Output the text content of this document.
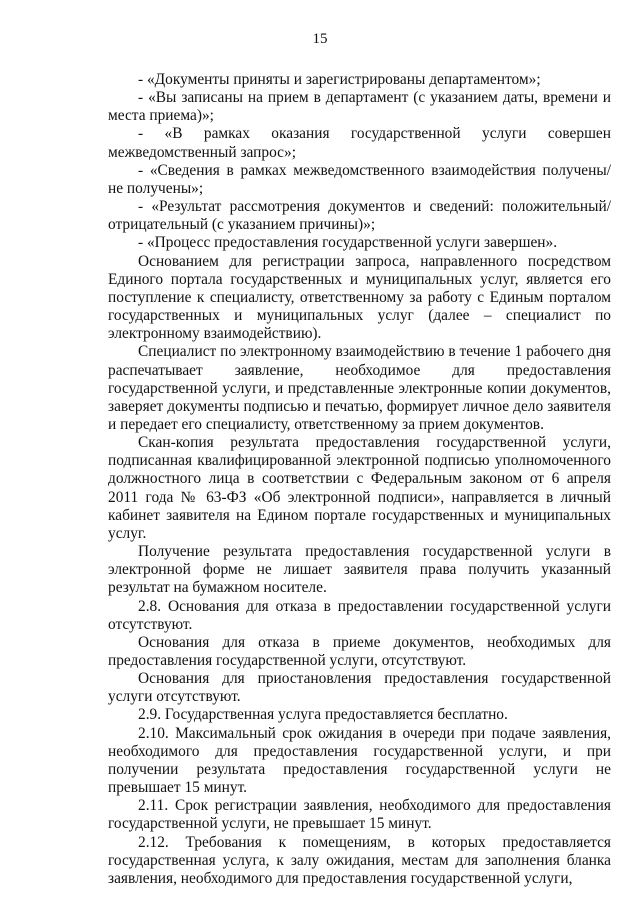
15

- «Документы приняты и зарегистрированы департаментом»;

- «Вы записаны на прием в департамент (с указанием даты, времени и места приема)»;

- «В рамках оказания государственной услуги совершен межведомственный запрос»;

- «Сведения в рамках межведомственного взаимодействия получены/ не получены»;

- «Результат рассмотрения документов и сведений: положительный/отрицательный (с указанием причины)»;

- «Процесс предоставления государственной услуги завершен».

Основанием для регистрации запроса, направленного посредством Единого портала государственных и муниципальных услуг, является его поступление к специалисту, ответственному за работу с Единым порталом государственных и муниципальных услуг (далее – специалист по электронному взаимодействию).

Специалист по электронному взаимодействию в течение 1 рабочего дня распечатывает заявление, необходимое для предоставления государственной услуги, и представленные электронные копии документов, заверяет документы подписью и печатью, формирует личное дело заявителя и передает его специалисту, ответственному за прием документов.

Скан-копия результата предоставления государственной услуги, подписанная квалифицированной электронной подписью уполномоченного должностного лица в соответствии с Федеральным законом от 6 апреля 2011 года № 63-ФЗ «Об электронной подписи», направляется в личный кабинет заявителя на Едином портале государственных и муниципальных услуг.

Получение результата предоставления государственной услуги в электронной форме не лишает заявителя права получить указанный результат на бумажном носителе.

2.8. Основания для отказа в предоставлении государственной услуги отсутствуют.

Основания для отказа в приеме документов, необходимых для предоставления государственной услуги, отсутствуют.

Основания для приостановления предоставления государственной услуги отсутствуют.

2.9. Государственная услуга предоставляется бесплатно.

2.10. Максимальный срок ожидания в очереди при подаче заявления, необходимого для предоставления государственной услуги, и при получении результата предоставления государственной услуги не превышает 15 минут.

2.11. Срок регистрации заявления, необходимого для предоставления государственной услуги, не превышает 15 минут.

2.12. Требования к помещениям, в которых предоставляется государственная услуга, к залу ожидания, местам для заполнения бланка заявления, необходимого для предоставления государственной услуги,
